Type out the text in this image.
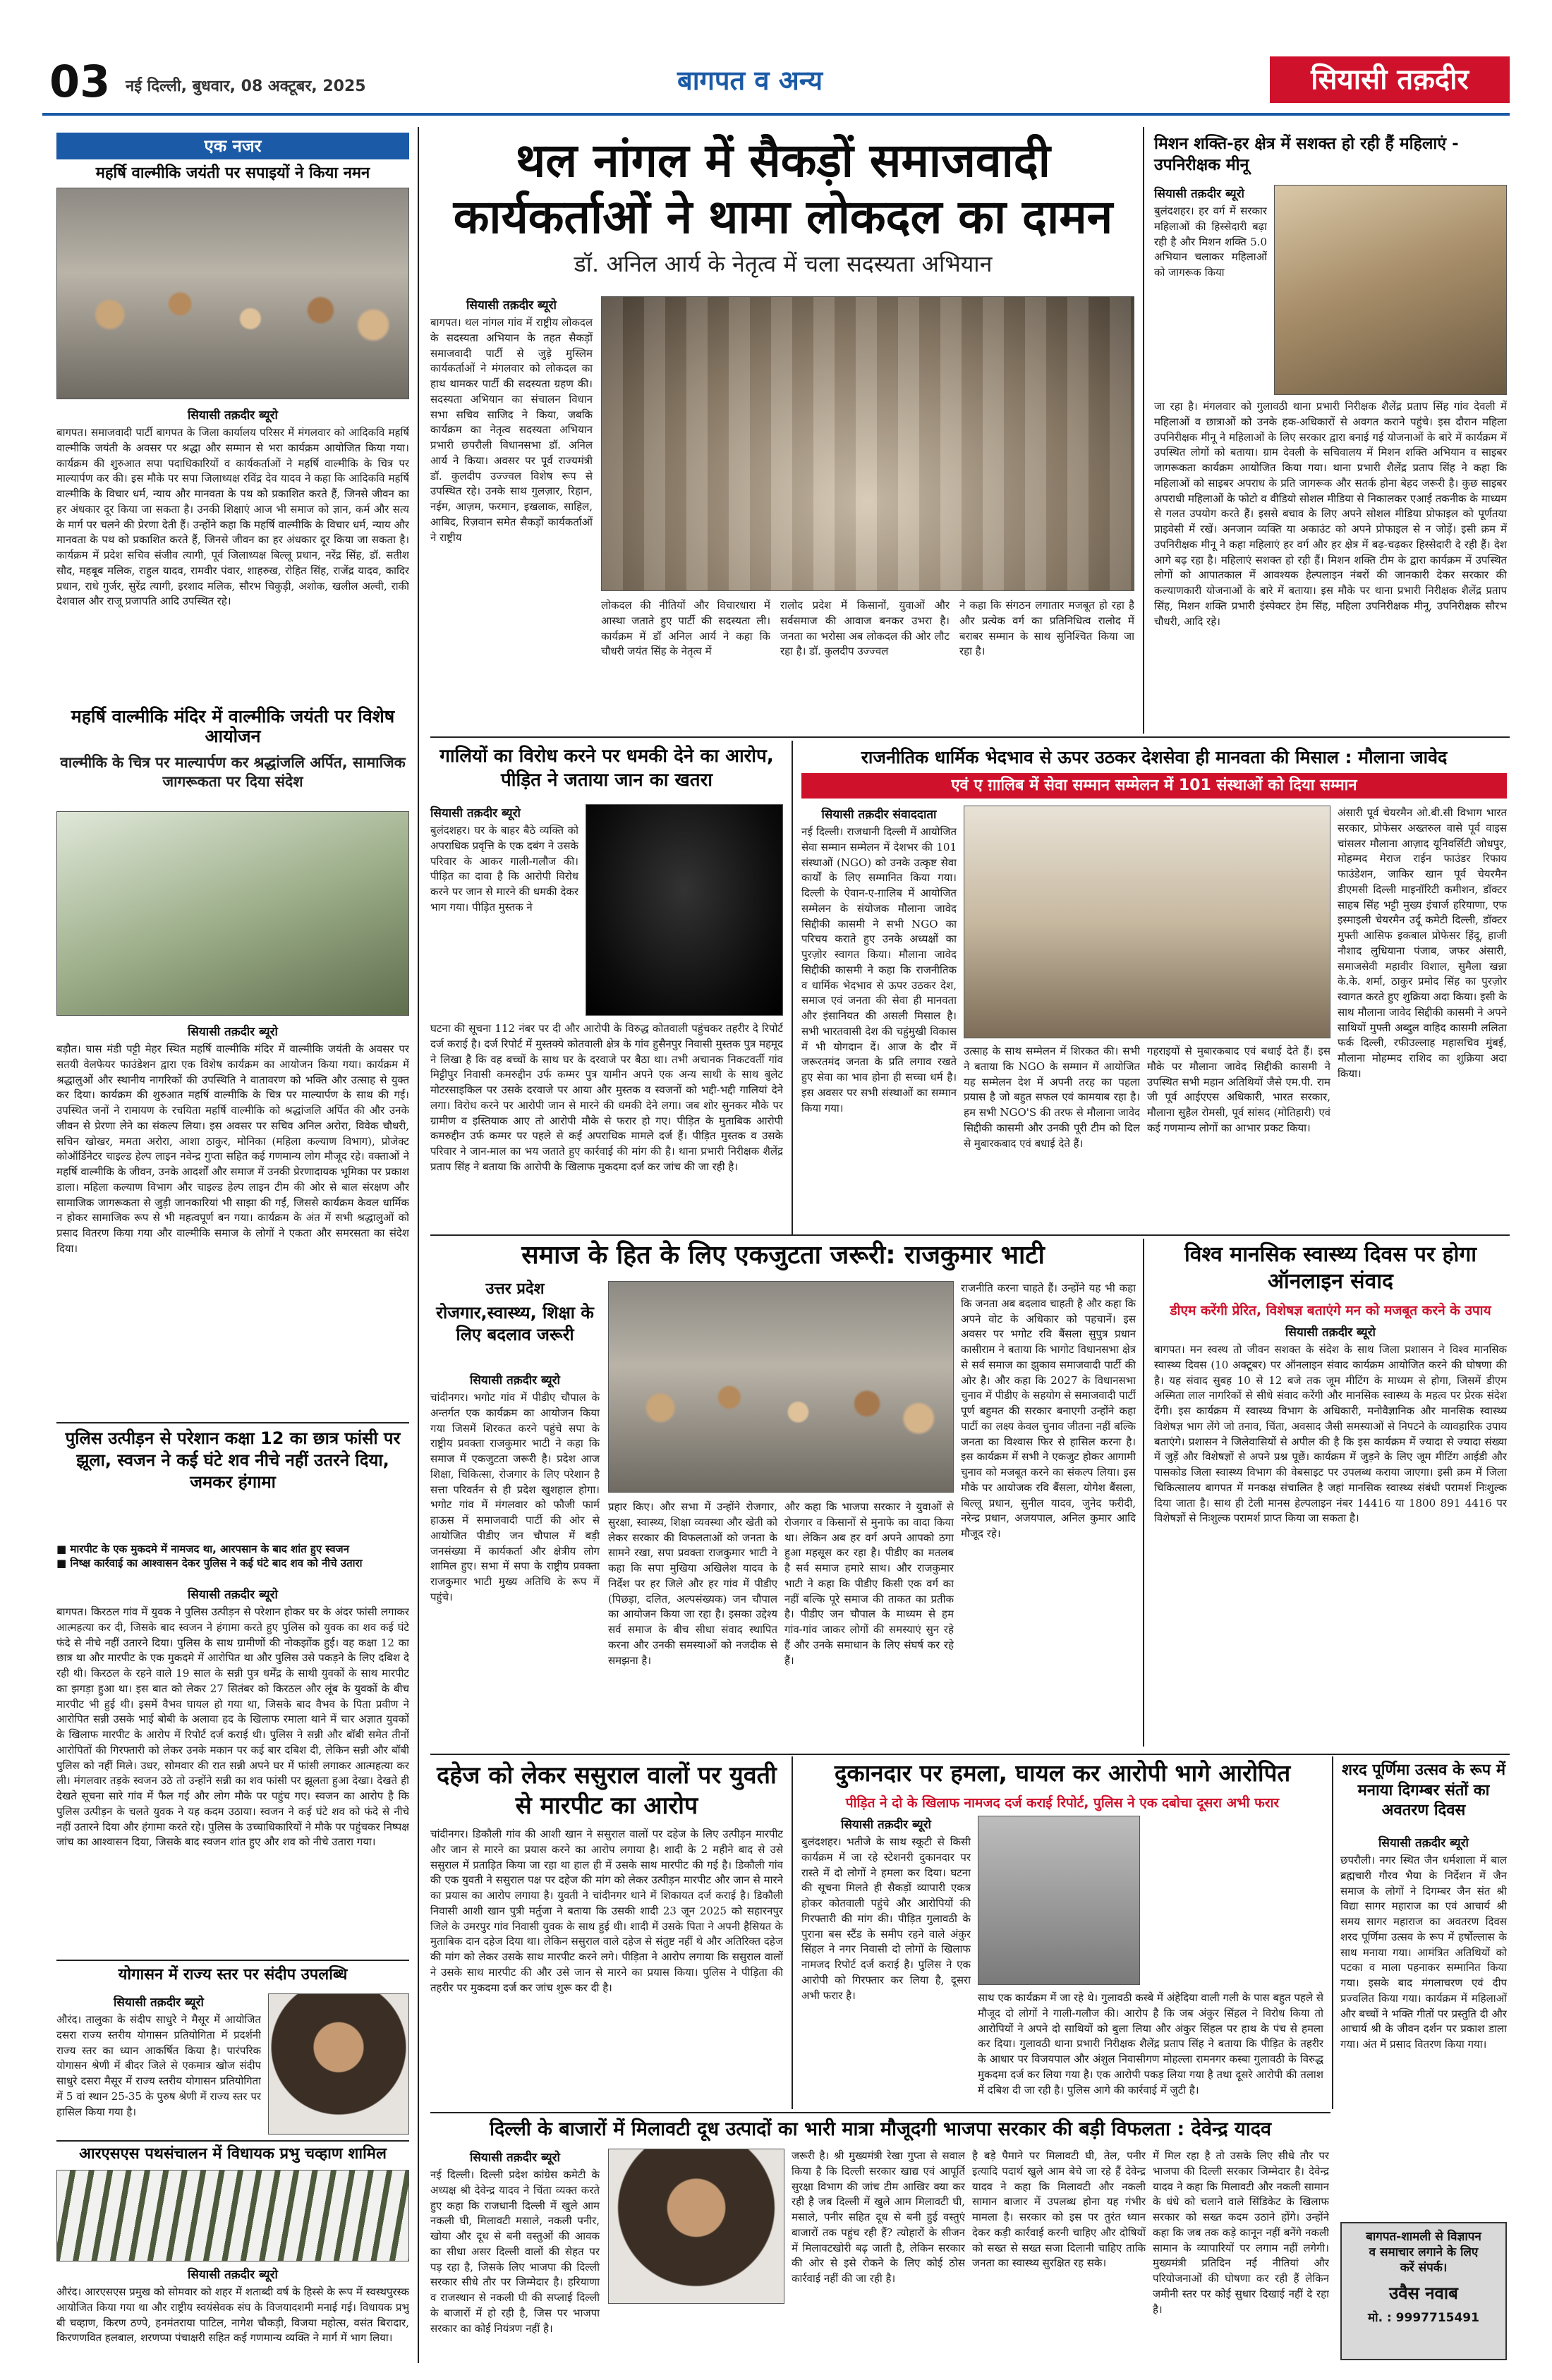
03 नई दिल्ली, बुधवार, 08 अक्टूबर, 2025	बागपत व अन्य	सियासी तक़दीर
एक नजर
महर्षि वाल्मीकि जयंती पर सपाइयों ने किया नमन
सियासी तक़दीर ब्यूरो
बागपत। समाजवादी पार्टी बागपत के जिला कार्यालय परिसर में मंगलवार को आदिकवि महर्षि वाल्मीकि जयंती के अवसर पर श्रद्धा और सम्मान से भरा कार्यक्रम आयोजित किया गया। कार्यक्रम की शुरुआत सपा पदाधिकारियों व कार्यकर्ताओं ने महर्षि वाल्मीकि के चित्र पर माल्यार्पण कर की। इस मौके पर सपा जिलाध्यक्ष रविंद्र देव यादव ने कहा कि आदिकवि महर्षि वाल्मीकि के विचार धर्म, न्याय और मानवता के पथ को प्रकाशित करते हैं, जिनसे जीवन का हर अंधकार दूर किया जा सकता है। उनकी शिक्षाएं आज भी समाज को ज्ञान, कर्म और सत्य के मार्ग पर चलने की प्रेरणा देती हैं। उन्होंने कहा कि महर्षि वाल्मीकि के विचार धर्म, न्याय और मानवता के पथ को प्रकाशित करते हैं, जिनसे जीवन का हर अंधकार दूर किया जा सकता है। कार्यक्रम में प्रदेश सचिव संजीव त्यागी, पूर्व जिलाध्यक्ष बिल्लू प्रधान, नरेंद्र सिंह, डॉ. सतीश सौद, महबूब मलिक, राहुल यादव, रामवीर पंवार, शाहरुख, रोहित सिंह, राजेंद्र यादव, कादिर प्रधान, राधे गुर्जर, सुरेंद्र त्यागी, इरशाद मलिक, सौरभ चिकुड़ी, अशोक, खलील अल्वी, राकी देशवाल और राजू प्रजापति आदि उपस्थित रहे।
महर्षि वाल्मीकि मंदिर में वाल्मीकि जयंती पर विशेष आयोजन
वाल्मीकि के चित्र पर माल्यार्पण कर श्रद्धांजलि अर्पित, सामाजिक जागरूकता पर दिया संदेश
सियासी तक़दीर ब्यूरो
बड़ौत। घास मंडी पट्टी मेहर स्थित महर्षि वाल्मीकि मंदिर में वाल्मीकि जयंती के अवसर पर सतयी वेलफेयर फाउंडेशन द्वारा एक विशेष कार्यक्रम का आयोजन किया गया। कार्यक्रम में श्रद्धालुओं और स्थानीय नागरिकों की उपस्थिति ने वातावरण को भक्ति और उत्साह से युक्त कर दिया। कार्यक्रम की शुरुआत महर्षि वाल्मीकि के चित्र पर माल्यार्पण के साथ की गई। उपस्थित जनों ने रामायण के रचयिता महर्षि वाल्मीकि को श्रद्धांजलि अर्पित की और उनके जीवन से प्रेरणा लेने का संकल्प लिया। इस अवसर पर सचिव अनिल अरोरा, विवेक चौधरी, सचिन खोखर, ममता अरोरा, आशा ठाकुर, मोनिका (महिला कल्याण विभाग), प्रोजेक्ट कोऑर्डिनेटर चाइल्ड हेल्प लाइन नवेन्द्र गुप्ता सहित कई गणमान्य लोग मौजूद रहे। वक्ताओं ने महर्षि वाल्मीकि के जीवन, उनके आदर्शों और समाज में उनकी प्रेरणादायक भूमिका पर प्रकाश डाला। महिला कल्याण विभाग और चाइल्ड हेल्प लाइन टीम की ओर से बाल संरक्षण और सामाजिक जागरूकता से जुड़ी जानकारियां भी साझा की गईं, जिससे कार्यक्रम केवल धार्मिक न होकर सामाजिक रूप से भी महत्वपूर्ण बन गया। कार्यक्रम के अंत में सभी श्रद्धालुओं को प्रसाद वितरण किया गया और वाल्मीकि समाज के लोगों ने एकता और समरसता का संदेश दिया।
पुलिस उत्पीड़न से परेशान कक्षा 12 का छात्र फांसी पर झूला, स्वजन ने कई घंटे शव नीचे नहीं उतरने दिया, जमकर हंगामा
■ मारपीट के एक मुकदमे में नामजद था, आरपसान के बाद शांत हुए स्वजन
■ निष्क्ष कार्रवाई का आश्वासन देकर पुलिस ने कई घंटे बाद शव को नीचे उतारा
सियासी तक़दीर ब्यूरो
बागपत। किरठल गांव में युवक ने पुलिस उत्पीड़न से परेशान होकर घर के अंदर फांसी लगाकर आत्महत्या कर दी, जिसके बाद स्वजन ने हंगामा करते हुए पुलिस को युवक का शव कई घंटे फंदे से नीचे नहीं उतारने दिया। पुलिस के साथ ग्रामीणों की नोकझोंक हुई। वह कक्षा 12 का छात्र था और मारपीट के एक मुकदमे में आरोपित था और पुलिस उसे पकड़ने के लिए दबिश दे रही थी। किरठल के रहने वाले 19 साल के सन्नी पुत्र धर्मेंद्र के साथी युवकों के साथ मारपीट का झगड़ा हुआ था। इस बात को लेकर 27 सितंबर को किरठल और लूंब के युवकों के बीच मारपीट भी हुई थी। इसमें वैभव घायल हो गया था, जिसके बाद वैभव के पिता प्रवीण ने आरोपित सन्नी उसके भाई बोबी के अलावा हद के खिलाफ रमाला थाने में चार अज्ञात युवकों के खिलाफ मारपीट के आरोप में रिपोर्ट दर्ज कराई थी। पुलिस ने सन्नी और बॉबी समेत तीनों आरोपितों की गिरफ्तारी को लेकर उनके मकान पर कई बार दबिश दी, लेकिन सन्नी और बॉबी पुलिस को नहीं मिले। उधर, सोमवार की रात सन्नी अपने घर में फांसी लगाकर आत्महत्या कर ली। मंगलवार तड़के स्वजन उठे तो उन्होंने सन्नी का शव फांसी पर झूलता हुआ देखा। देखते ही देखते सूचना सारे गांव में फैल गई और लोग मौके पर पहुंच गए। स्वजन का आरोप है कि पुलिस उत्पीड़न के चलते युवक ने यह कदम उठाया। स्वजन ने कई घंटे शव को फंदे से नीचे नहीं उतारने दिया और हंगामा करते रहे। पुलिस के उच्चाधिकारियों ने मौके पर पहुंचकर निष्पक्ष जांच का आश्वासन दिया, जिसके बाद स्वजन शांत हुए और शव को नीचे उतारा गया।
योगासन में राज्य स्तर पर संदीप उपलब्धि
सियासी तक़दीर ब्यूरो
औरंद। तालुका के संदीप साधुरे ने मैसूर में आयोजित दसरा राज्य स्तरीय योगासन प्रतियोगिता में प्रदर्शनी राज्य स्तर का ध्यान आकर्षित किया है। पारंपरिक योगासन श्रेणी में बीदर जिले से एकमात्र खोज संदीप साधुरे दसरा मैसूर में राज्य स्तरीय योगासन प्रतियोगिता में 5 वां स्थान 25-35 के पुरुष श्रेणी में राज्य स्तर पर हासिल किया गया है।
आरएसएस पथसंचालन में विधायक प्रभु चव्हाण शामिल
सियासी तक़दीर ब्यूरो
औरंद। आरएसएस प्रमुख को सोमवार को शहर में शताब्दी वर्ष के हिस्से के रूप में स्वस्थपुरस्क आयोजित किया गया था और राष्ट्रीय स्वयंसेवक संघ के विजयादशमी मनाई गई। विधायक प्रभु बी चव्हाण, किरण ठण्पे, हनमंतराया पाटिल, नागेश चौकड़ी, विजया महोत्स, वसंत बिरादार, किरणणवित हलबाल, शरणप्पा पंचाक्षरी सहित कई गणमान्य व्यक्ति ने मार्ग में भाग लिया।
थल नांगल में सैकड़ों समाजवादी
कार्यकर्ताओं ने थामा लोकदल का दामन
डॉ. अनिल आर्य के नेतृत्व में चला सदस्यता अभियान
सियासी तक़दीर ब्यूरो
बागपत। थल नांगल गांव में राष्ट्रीय लोकदल के सदस्यता अभियान के तहत सैकड़ों समाजवादी पार्टी से जुड़े मुस्लिम कार्यकर्ताओं ने मंगलवार को लोकदल का हाथ थामकर पार्टी की सदस्यता ग्रहण की। सदस्यता अभियान का संचालन विधान सभा सचिव साजिद ने किया, जबकि कार्यक्रम का नेतृत्व सदस्यता अभियान प्रभारी छपरौली विधानसभा डॉ. अनिल आर्य ने किया। अवसर पर पूर्व राज्यमंत्री डॉ. कुलदीप उज्ज्वल विशेष रूप से उपस्थित रहे। उनके साथ गुलज़ार, रिहान, नईम, आज़म, फरमान, इखलाक, साहिल, आबिद, रिज़वान समेत सैकड़ों कार्यकर्ताओं ने राष्ट्रीय
लोकदल की नीतियों और विचारधारा में आस्था जताते हुए पार्टी की सदस्यता ली। कार्यक्रम में डॉ अनिल आर्य ने कहा कि चौधरी जयंत सिंह के नेतृत्व में
रालोद प्रदेश में किसानों, युवाओं और सर्वसमाज की आवाज बनकर उभरा है। जनता का भरोसा अब लोकदल की ओर लौट रहा है। डॉ. कुलदीप उज्ज्वल
ने कहा कि संगठन लगातार मजबूत हो रहा है और प्रत्येक वर्ग का प्रतिनिधित्व रालोद में बराबर सम्मान के साथ सुनिश्चित किया जा रहा है।
मिशन शक्ति-हर क्षेत्र में सशक्त हो रही हैं महिलाएं - उपनिरीक्षक मीनू
सियासी तक़दीर ब्यूरो
बुलंदशहर। हर वर्ग में सरकार महिलाओं की हिस्सेदारी बढ़ा रही है और मिशन शक्ति 5.0 अभियान चलाकर महिलाओं को जागरूक किया
जा रहा है। मंगलवार को गुलावठी थाना प्रभारी निरीक्षक शैलेंद्र प्रताप सिंह गांव देवली में महिलाओं व छात्राओं को उनके हक-अधिकारों से अवगत कराने पहुंचे। इस दौरान महिला उपनिरीक्षक मीनू ने महिलाओं के लिए सरकार द्वारा बनाई गई योजनाओं के बारे में कार्यक्रम में उपस्थित लोगों को बताया। ग्राम देवली के सचिवालय में मिशन शक्ति अभियान व साइबर जागरूकता कार्यक्रम आयोजित किया गया। थाना प्रभारी शैलेंद्र प्रताप सिंह ने कहा कि महिलाओं को साइबर अपराध के प्रति जागरूक और सतर्क होना बेहद जरूरी है। कुछ साइबर अपराधी महिलाओं के फोटो व वीडियो सोशल मीडिया से निकालकर एआई तकनीक के माध्यम से गलत उपयोग करते हैं। इससे बचाव के लिए अपने सोशल मीडिया प्रोफाइल को पूर्णतया प्राइवेसी में रखें। अनजान व्यक्ति या अकाउंट को अपने प्रोफाइल से न जोड़ें। इसी क्रम में उपनिरीक्षक मीनू ने कहा महिलाएं हर वर्ग और हर क्षेत्र में बढ़-चढ़कर हिस्सेदारी दे रही हैं। देश आगे बढ़ रहा है। महिलाएं सशक्त हो रही हैं। मिशन शक्ति टीम के द्वारा कार्यक्रम में उपस्थित लोगों को आपातकाल में आवश्यक हेल्पलाइन नंबरों की जानकारी देकर सरकार की कल्याणकारी योजनाओं के बारे में बताया। इस मौके पर थाना प्रभारी निरीक्षक शैलेंद्र प्रताप सिंह, मिशन शक्ति प्रभारी इंस्पेक्टर हेम सिंह, महिला उपनिरीक्षक मीनू, उपनिरीक्षक सौरभ चौधरी, आदि रहे।
गालियों का विरोध करने पर धमकी देने का आरोप, पीड़ित ने जताया जान का खतरा
सियासी तक़दीर ब्यूरो
बुलंदशहर। घर के बाहर बैठे व्यक्ति को अपराधिक प्रवृत्ति के एक दबंग ने उसके परिवार के आकर गाली-गलौज की। पीड़ित का दावा है कि आरोपी विरोध करने पर जान से मारने की धमकी देकर भाग गया। पीड़ित मुस्तक ने
घटना की सूचना 112 नंबर पर दी और आरोपी के विरुद्ध कोतवाली पहुंचकर तहरीर दे रिपोर्ट दर्ज कराई है। दर्ज रिपोर्ट में मुस्तक्ये कोतवाली क्षेत्र के गांव हुसैनपुर निवासी मुस्तक पुत्र महमूद ने लिखा है कि वह बच्चों के साथ घर के दरवाजे पर बैठा था। तभी अचानक निकटवर्ती गांव मिट्टीपुर निवासी कमरुद्दीन उर्फ कम्मर पुत्र यामीन अपने एक अन्य साथी के साथ बुलेट मोटरसाइकिल पर उसके दरवाजे पर आया और मुस्तक व स्वजनों को भद्दी-भद्दी गालियां देने लगा। विरोध करने पर आरोपी जान से मारने की धमकी देने लगा। जब शोर सुनकर मौके पर ग्रामीण व इस्तियाक आए तो आरोपी मौके से फरार हो गए। पीड़ित के मुताबिक आरोपी कमरुद्दीन उर्फ कम्मर पर पहले से कई अपराधिक मामले दर्ज हैं। पीड़ित मुस्तक व उसके परिवार ने जान-माल का भय जताते हुए कार्रवाई की मांग की है। थाना प्रभारी निरीक्षक शैलेंद्र प्रताप सिंह ने बताया कि आरोपी के खिलाफ मुकदमा दर्ज कर जांच की जा रही है।
राजनीतिक धार्मिक भेदभाव से ऊपर उठकर देशसेवा ही मानवता की मिसाल : मौलाना जावेद
एवं ए ग़ालिब में सेवा सम्मान सम्मेलन में 101 संस्थाओं को दिया सम्मान
सियासी तक़दीर संवाददाता
नई दिल्ली। राजधानी दिल्ली में आयोजित सेवा सम्मान सम्मेलन में देशभर की 101 संस्थाओं (NGO) को उनके उत्कृष्ट सेवा कार्यों के लिए सम्मानित किया गया। दिल्ली के ऐवान-ए-ग़ालिब में आयोजित सम्मेलन के संयोजक मौलाना जावेद सिद्दीकी कासमी ने सभी NGO का परिचय कराते हुए उनके अध्यक्षों का पुरज़ोर स्वागत किया। मौलाना जावेद सिद्दीकी कासमी ने कहा कि राजनीतिक व धार्मिक भेदभाव से ऊपर उठकर देश, समाज एवं जनता की सेवा ही मानवता और इंसानियत की असली मिसाल है। सभी भारतवासी देश की चहुंमुखी विकास में भी योगदान दें। आज के दौर में जरूरतमंद जनता के प्रति लगाव रखते हुए सेवा का भाव होना ही सच्चा धर्म है। इस अवसर पर सभी संस्थाओं का सम्मान किया गया।
उत्साह के साथ सम्मेलन में शिरकत की। सभी ने बताया कि NGO के सम्मान में आयोजित यह सम्मेलन देश में अपनी तरह का पहला प्रयास है जो बहुत सफल एवं कामयाब रहा है। हम सभी NGO'S की तरफ से मौलाना जावेद सिद्दीकी कासमी और उनकी पूरी टीम को दिल से मुबारकबाद एवं बधाई देते हैं।
गहराइयों से मुबारकबाद एवं बधाई देते हैं। इस मौके पर मौलाना जावेद सिद्दीकी कासमी ने उपस्थित सभी महान अतिथियों जैसे एम.पी. राम जी पूर्व आईएएस अधिकारी, भारत सरकार, मौलाना सुहैल रोमसी, पूर्व सांसद (मोतिहारी) एवं कई गणमान्य लोगों का आभार प्रकट किया।
अंसारी पूर्व चेयरमैन ओ.बी.सी विभाग भारत सरकार, प्रोफेसर अख्तरुल वासे पूर्व वाइस चांसलर मौलाना आज़ाद यूनिवर्सिटी जोधपुर, मोहम्मद मेराज राईन फाउंडर रिफाय फाउंडेशन, जाकिर खान पूर्व चेयरमैन डीएमसी दिल्ली माइनॉरिटी कमीशन, डॉक्टर साहब सिंह भट्टी मुख्य इंचार्ज हरियाणा, एफ इस्माइली चेयरमैन उर्दू कमेटी दिल्ली, डॉक्टर मुफ्ती आसिफ इकबाल प्रोफेसर हिंदू, हाजी नौशाद लुधियाना पंजाब, जफर अंसारी, समाजसेवी महावीर विशाल, सुमैला खन्ना के.के. शर्मा, ठाकुर प्रमोद सिंह का पुरज़ोर स्वागत करते हुए शुक्रिया अदा किया। इसी के साथ मौलाना जावेद सिद्दीकी कासमी ने अपने साथियों मुफ्ती अब्दुल वाहिद कासमी ललिता फर्क दिल्ली, रफीउल्लाह महासचिव मुंबई, मौलाना मोहम्मद राशिद का शुक्रिया अदा किया।
समाज के हित के लिए एकजुटता जरूरी: राजकुमार भाटी
उत्तर प्रदेश
रोजगार,स्वास्थ्य, शिक्षा के लिए बदलाव जरूरी
सियासी तक़दीर ब्यूरो
चांदीनगर। भगोट गांव में पीडीए चौपाल के अन्तर्गत एक कार्यक्रम का आयोजन किया गया जिसमें शिरकत करने पहुंचे सपा के राष्ट्रीय प्रवक्ता राजकुमार भाटी ने कहा कि समाज में एकजुटता जरूरी है। प्रदेश आज शिक्षा, चिकित्सा, रोजगार के लिए परेशान है सत्ता परिवर्तन से ही प्रदेश खुशहाल होगा। भगोट गांव में मंगलवार को फौजी फार्म हाऊस में समाजवादी पार्टी की ओर से आयोजित पीडीए जन चौपाल में बड़ी जनसंख्या में कार्यकर्ता और क्षेत्रीय लोग शामिल हुए। सभा में सपा के राष्ट्रीय प्रवक्ता राजकुमार भाटी मुख्य अतिथि के रूप में पहुंचे।
प्रहार किए। और सभा में उन्होंने रोजगार, सुरक्षा, स्वास्थ्य, शिक्षा व्यवस्था और खेती को लेकर सरकार की विफलताओं को जनता के सामने रखा, सपा प्रवक्ता राजकुमार भाटी ने कहा कि सपा मुखिया अखिलेश यादव के निर्देश पर हर जिले और हर गांव में पीडीए (पिछड़ा, दलित, अल्पसंख्यक) जन चौपाल का आयोजन किया जा रहा है। इसका उद्देश्य सर्व समाज के बीच सीधा संवाद स्थापित करना और उनकी समस्याओं को नजदीक से समझना है।
और कहा कि भाजपा सरकार ने युवाओं से रोजगार व किसानों से मुनाफे का वादा किया था। लेकिन अब हर वर्ग अपने आपको ठगा हुआ महसूस कर रहा है। पीडीए का मतलब है सर्व समाज हमारे साथ। और राजकुमार भाटी ने कहा कि पीडीए किसी एक वर्ग का नहीं बल्कि पूरे समाज की ताकत का प्रतीक है। पीडीए जन चौपाल के माध्यम से हम गांव-गांव जाकर लोगों की समस्याएं सुन रहे हैं और उनके समाधान के लिए संघर्ष कर रहे हैं।
राजनीति करना चाहते हैं। उन्होंने यह भी कहा कि जनता अब बदलाव चाहती है और कहा कि अपने वोट के अधिकार को पहचानें। इस अवसर पर भगोट रवि बैंसला सुपुत्र प्रधान कासीराम ने बताया कि भागोट विधानसभा क्षेत्र से सर्व समाज का झुकाव समाजवादी पार्टी की ओर है। और कहा कि 2027 के विधानसभा चुनाव में पीडीए के सहयोग से समाजवादी पार्टी पूर्ण बहुमत की सरकार बनाएगी उन्होंने कहा पार्टी का लक्ष्य केवल चुनाव जीतना नहीं बल्कि जनता का विश्वास फिर से हासिल करना है। इस कार्यक्रम में सभी ने एकजुट होकर आगामी चुनाव को मजबूत करने का संकल्प लिया। इस मौके पर आयोजक रवि बैंसला, योगेश बैंसला, बिल्लू प्रधान, सुनील यादव, जुनेद फरीदी, नरेन्द्र प्रधान, अजयपाल, अनिल कुमार आदि मौजूद रहे।
विश्व मानसिक स्वास्थ्य दिवस पर होगा ऑनलाइन संवाद
डीएम करेंगी प्रेरित, विशेषज्ञ बताएंगे मन को मजबूत करने के उपाय
सियासी तक़दीर ब्यूरो
बागपत। मन स्वस्थ तो जीवन सशक्त के संदेश के साथ जिला प्रशासन ने विश्व मानसिक स्वास्थ्य दिवस (10 अक्टूबर) पर ऑनलाइन संवाद कार्यक्रम आयोजित करने की घोषणा की है। यह संवाद सुबह 10 से 12 बजे तक जूम मीटिंग के माध्यम से होगा, जिसमें डीएम अस्मिता लाल नागरिकों से सीधे संवाद करेंगी और मानसिक स्वास्थ्य के महत्व पर प्रेरक संदेश देंगी। इस कार्यक्रम में स्वास्थ्य विभाग के अधिकारी, मनोवैज्ञानिक और मानसिक स्वास्थ्य विशेषज्ञ भाग लेंगे जो तनाव, चिंता, अवसाद जैसी समस्याओं से निपटने के व्यावहारिक उपाय बताएंगे। प्रशासन ने जिलेवासियों से अपील की है कि इस कार्यक्रम में ज्यादा से ज्यादा संख्या में जुड़ें और विशेषज्ञों से अपने प्रश्न पूछें। कार्यक्रम में जुड़ने के लिए जूम मीटिंग आईडी और पासकोड जिला स्वास्थ्य विभाग की वेबसाइट पर उपलब्ध कराया जाएगा। इसी क्रम में जिला चिकित्सालय बागपत में मनकक्ष संचालित है जहां मानसिक स्वास्थ्य संबंधी परामर्श निःशुल्क दिया जाता है। साथ ही टेली मानस हेल्पलाइन नंबर 14416 या 1800 891 4416 पर विशेषज्ञों से निःशुल्क परामर्श प्राप्त किया जा सकता है।
दहेज को लेकर ससुराल वालों पर युवती से मारपीट का आरोप
चांदीनगर। डिकौली गांव की आशी खान ने ससुराल वालों पर दहेज के लिए उत्पीड़न मारपीट और जान से मारने का प्रयास करने का आरोप लगाया है। शादी के 2 महीने बाद से उसे ससुराल में प्रताड़ित किया जा रहा था हाल ही में उसके साथ मारपीट की गई है। डिकौली गांव की एक युवती ने ससुराल पक्ष पर दहेज की मांग को लेकर उत्पीड़न मारपीट और जान से मारने का प्रयास का आरोप लगाया है। युवती ने चांदीनगर थाने में शिकायत दर्ज कराई है। डिकौली निवासी आशी खान पुत्री मर्तुजा ने बताया कि उसकी शादी 23 जून 2025 को सहारनपुर जिले के उमरपुर गांव निवासी युवक के साथ हुई थी। शादी में उसके पिता ने अपनी हैसियत के मुताबिक दान दहेज दिया था। लेकिन ससुराल वाले दहेज से संतुष्ट नहीं थे और अतिरिक्त दहेज की मांग को लेकर उसके साथ मारपीट करने लगे। पीड़िता ने आरोप लगाया कि ससुराल वालों ने उसके साथ मारपीट की और उसे जान से मारने का प्रयास किया। पुलिस ने पीड़िता की तहरीर पर मुकदमा दर्ज कर जांच शुरू कर दी है।
दुकानदार पर हमला, घायल कर आरोपी भागे आरोपित
पीड़ित ने दो के खिलाफ नामजद दर्ज कराई रिपोर्ट, पुलिस ने एक दबोचा दूसरा अभी फरार
सियासी तक़दीर ब्यूरो
बुलंदशहर। भतीजे के साथ स्कूटी से किसी कार्यक्रम में जा रहे स्टेशनरी दुकानदार पर रास्ते में दो लोगों ने हमला कर दिया। घटना की सूचना मिलते ही सैकड़ों व्यापारी एकत्र होकर कोतवाली पहुंचे और आरोपियों की गिरफ्तारी की मांग की। पीड़ित गुलावठी के पुराना बस स्टैंड के समीप रहने वाले अंकुर सिंहल ने नगर निवासी दो लोगों के खिलाफ नामजद रिपोर्ट दर्ज कराई है। पुलिस ने एक आरोपी को गिरफ्तार कर लिया है, दूसरा अभी फरार है।	साथ एक कार्यक्रम में जा रहे थे। गुलावठी कस्बे में अंहेदिया वाली गली के पास बहुत पहले से मौजूद दो लोगों ने गाली-गलौज की। आरोप है कि जब अंकुर सिंहल ने विरोध किया तो आरोपियों ने अपने दो साथियों को बुला लिया और अंकुर सिंहल पर हाथ के पंच से हमला कर दिया। गुलावठी थाना प्रभारी निरीक्षक शैलेंद्र प्रताप सिंह ने बताया कि पीड़ित के तहरीर के आधार पर विजयपाल और अंशुल निवासीगण मोहल्ला रामनगर कस्बा गुलावठी के विरुद्ध मुकदमा दर्ज कर लिया गया है। एक आरोपी पकड़ लिया गया है तथा दूसरे आरोपी की तलाश में दबिश दी जा रही है। पुलिस आगे की कार्रवाई में जुटी है।
शरद पूर्णिमा उत्सव के रूप में मनाया दिगम्बर संतों का अवतरण दिवस
सियासी तक़दीर ब्यूरो
छपरौली। नगर स्थित जैन धर्मशाला में बाल ब्रह्मचारी गौरव भैया के निर्देशन में जैन समाज के लोगों ने दिगम्बर जैन संत श्री विद्या सागर महाराज का एवं आचार्य श्री समय सागर महाराज का अवतरण दिवस शरद पूर्णिमा उत्सव के रूप में हर्षोल्लास के साथ मनाया गया। आमंत्रित अतिथियों को पटका व माला पहनाकर सम्मानित किया गया। इसके बाद मंगलाचरण एवं दीप प्रज्वलित किया गया। कार्यक्रम में महिलाओं और बच्चों ने भक्ति गीतों पर प्रस्तुति दी और आचार्य श्री के जीवन दर्शन पर प्रकाश डाला गया। अंत में प्रसाद वितरण किया गया।
दिल्ली के बाजारों में मिलावटी दूध उत्पादों का भारी मात्रा मौजूदगी भाजपा सरकार की बड़ी विफलता : देवेन्द्र यादव
सियासी तक़दीर ब्यूरो
नई दिल्ली। दिल्ली प्रदेश कांग्रेस कमेटी के अध्यक्ष श्री देवेन्द्र यादव ने चिंता व्यक्त करते हुए कहा कि राजधानी दिल्ली में खुले आम नकली घी, मिलावटी मसाले, नकली पनीर, खोया और दूध से बनी वस्तुओं की आवक का सीधा असर दिल्ली वालों की सेहत पर पड़ रहा है, जिसके लिए भाजपा की दिल्ली सरकार सीधे तौर पर जिम्मेदार है। हरियाणा व राजस्थान से नकली घी की सप्लाई दिल्ली के बाजारों में हो रही है, जिस पर भाजपा सरकार का कोई नियंत्रण नहीं है।
जरूरी है। श्री मुख्यमंत्री रेखा गुप्ता से सवाल किया है कि दिल्ली सरकार खाद्य एवं आपूर्ति सुरक्षा विभाग की जांच टीम आखिर क्या कर रही है जब दिल्ली में खुले आम मिलावटी घी, मसाले, पनीर सहित दूध से बनी हुई वस्तुएं बाजारों तक पहुंच रही हैं? त्योहारों के सीजन में मिलावटखोरी बढ़ जाती है, लेकिन सरकार की ओर से इसे रोकने के लिए कोई ठोस कार्रवाई नहीं की जा रही है।
है बड़े पैमाने पर मिलावटी घी, तेल, पनीर इत्यादि पदार्थ खुले आम बेचे जा रहे हैं देवेन्द्र यादव ने कहा कि मिलावटी और नकली सामान बाजार में उपलब्ध होना यह गंभीर मामला है। सरकार को इस पर तुरंत ध्यान देकर कड़ी कार्रवाई करनी चाहिए और दोषियों को सख्त से सख्त सजा दिलानी चाहिए ताकि जनता का स्वास्थ्य सुरक्षित रह सके।
में मिल रहा है तो उसके लिए सीधे तौर पर भाजपा की दिल्ली सरकार जिम्मेदार है। देवेन्द्र यादव ने कहा कि मिलावटी और नकली सामान के धंधे को चलाने वाले सिंडिकेट के खिलाफ सरकार को सख्त कदम उठाने होंगे। उन्होंने कहा कि जब तक कड़े कानून नहीं बनेंगे नकली सामान के व्यापारियों पर लगाम नहीं लगेगी। मुख्यमंत्री प्रतिदिन नई नीतियां और परियोजनाओं की घोषणा कर रही हैं लेकिन जमीनी स्तर पर कोई सुधार दिखाई नहीं दे रहा है।
बागपत-शामली से विज्ञापन
व समाचार लगाने के लिए
करें संपर्क।
उवैस नवाब
मो. : 9997715491
